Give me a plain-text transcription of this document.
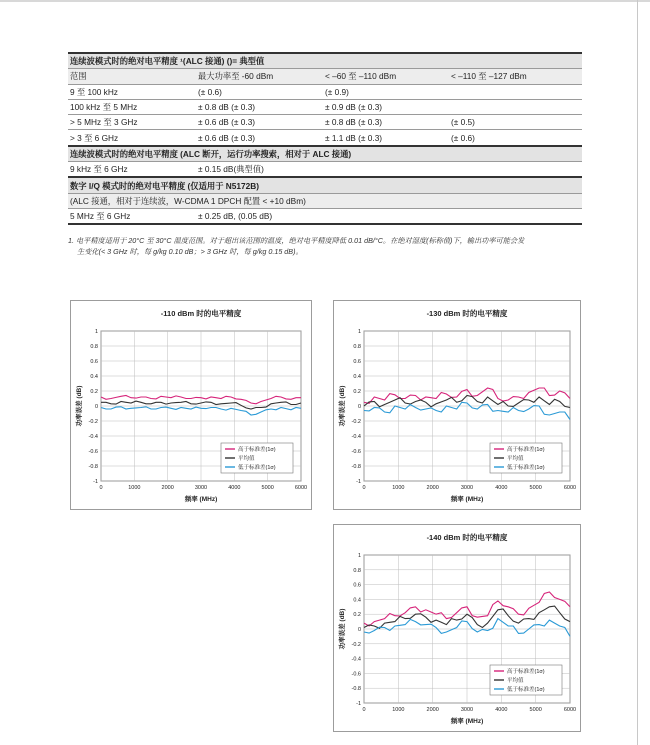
连续波模式时的绝对电平精度 ¹(ALC 接通) ()= 典型值			
范围	最大功率至 -60 dBm	< –60 至 –110 dBm	< –110 至 –127 dBm
9 至 100 kHz	(± 0.6)	(± 0.9)	
100 kHz 至 5 MHz	± 0.8 dB (± 0.3)	± 0.9 dB (± 0.3)	
> 5 MHz 至 3 GHz	± 0.6 dB (± 0.3)	± 0.8 dB (± 0.3)	(± 0.5)
> 3 至 6 GHz	± 0.6 dB (± 0.3)	± 1.1 dB (± 0.3)	(± 0.6)
连续波模式时的绝对电平精度 (ALC 断开，运行功率搜索，相对于 ALC 接通)			
9 kHz 至 6 GHz	± 0.15 dB(典型值)		
数字 I/Q 模式时的绝对电平精度 (仅适用于 N5172B)			
(ALC 接通，相对于连续波，W-CDMA 1 DPCH 配置 < +10 dBm)			
5 MHz 至 6 GHz	± 0.25 dB, (0.05 dB)		
1. 电平精度适用于 20°C 至 30°C 温度范围。对于超出该范围的温度，绝对电平精度降低 0.01 dB/°C。在绝对湿度(标称值)下，输出功率可能会发
生变化(< 3 GHz 时，每 g/kg 0.10 dB；> 3 GHz 时，每 g/kg 0.15 dB)。
-110 dBm 时的电平精度
-1
-0.8
-0.6
-0.4
-0.2
0
0.2
0.4
0.6
0.8
1
0	1000	2000	3000	4000	5000	6000
频率 (MHz)
功率误差 (dB)
高于标准差(1σ)
平均值
低于标准差(1σ)
-130 dBm 时的电平精度
-1
-0.8
-0.6
-0.4
-0.2
0
0.2
0.4
0.6
0.8
1
0	1000	2000	3000	4000	5000	6000
频率 (MHz)
功率误差 (dB)
高于标准差(1σ)
平均值
低于标准差(1σ)
-140 dBm 时的电平精度
-1
-0.8
-0.6
-0.4
-0.2
0
0.2
0.4
0.6
0.8
1
0	1000	2000	3000	4000	5000	6000
频率 (MHz)
功率误差 (dB)
高于标准差(1σ)
平均值
低于标准差(1σ)
